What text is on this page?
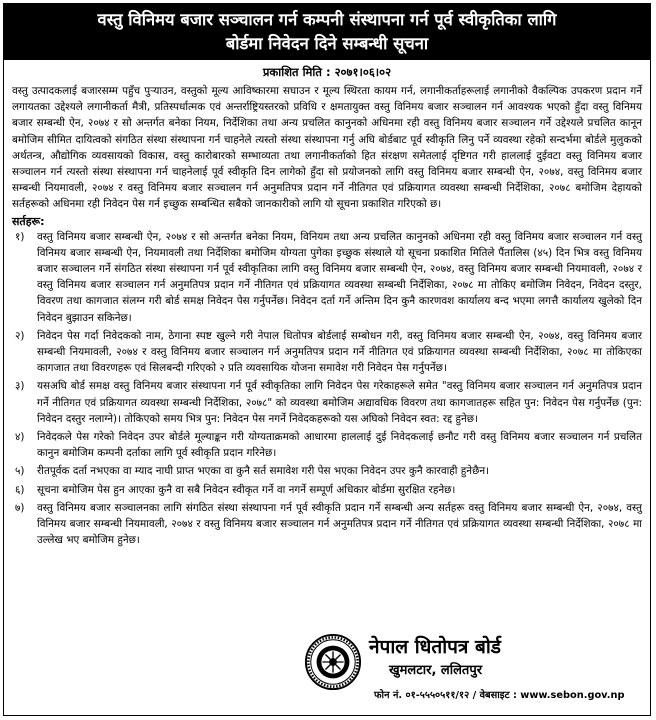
वस्तु विनिमय बजार सञ्चालन गर्न कम्पनी संस्थापना गर्न पूर्व स्वीकृतिका लागि
बोर्डमा निवेदन दिने सम्बन्धी सूचना
प्रकाशित मिति : २०७१।०६।०२

वस्तु उत्पादकलाई बजारसम्म पहुँच पुऱ्याउन, वस्तुको मूल्य आविष्कारमा सघाउन र मूल्य स्थिरता कायम गर्न, लगानीकर्ताहरूलाई लगानीको वैकल्पिक उपकरण प्रदान गर्ने लगायतका उद्देश्यले लगानीकर्ता मैत्री, प्रतिस्पर्धात्मक एवं अन्तर्राष्ट्रियस्तरको प्रविधि र क्षमतायुक्त वस्तु विनिमय बजार सञ्चालन गर्न आवश्यक भएको हुँदा वस्तु विनिमय बजार सम्बन्धी ऐन, २०७४ र सो अन्तर्गत बनेका नियम, निर्देशिका तथा अन्य प्रचलित कानुनको अधिनमा रही वस्तु विनिमय बजार सञ्चालन गर्ने उद्देश्यले प्रचलित कानून बमोजिम सीमित दायित्वको संगठित संस्था संस्थापना गर्न चाहनेले त्यस्तो संस्था संस्थापना गर्नु अघि बोर्डबाट पूर्व स्वीकृति लिनु पर्ने व्यवस्था रहेको सन्दर्भमा बोर्डले मुलुकको अर्थतन्त्र, औद्योगिक व्यवसायको विकास, वस्तु कारोबारको सम्भाव्यता तथा लगानीकर्ताको हित संरक्षण समेतलाई दृष्टिगत गरी हाललाई दुईवटा वस्तु विनिमय बजार सञ्चालन गर्न त्यस्तो संस्था संस्थापना गर्न चाहनेलाई पूर्व स्वीकृति दिन लागेको हुँदा सो प्रयोजनको लागि वस्तु विनिमय बजार सम्बन्धी ऐन, २०७४, वस्तु विनिमय बजार सम्बन्धी नियमावली, २०७४ र वस्तु विनिमय बजार सञ्चालन गर्न अनुमतिपत्र प्रदान गर्ने नीतिगत एवं प्रक्रियागत व्यवस्था सम्बन्धी निर्देशिका, २०७८ बमोजिम देहायको सर्तहरूको अधिनमा रही निवेदन पेस गर्न इच्छुक सम्बन्धित सबैको जानकारीको लागि यो सूचना प्रकाशित गरिएको छ।

सर्तहरू:
१) वस्तु विनिमय बजार सम्बन्धी ऐन, २०७४ र सो अन्तर्गत बनेका नियम, विनियम तथा अन्य प्रचलित कानुनको अधिनमा रही वस्तु विनिमय बजार सञ्चालन गर्न वस्तु विनिमय बजार सम्बन्धी ऐन, नियमावली तथा निर्देशिका बमोजिम योग्यता पुगेका इच्छुक संस्थाले यो सूचना प्रकाशित मितिले पैंतालिस (४५) दिन भित्र वस्तु विनिमय बजार सञ्चालन गर्ने संगठित संस्था संस्थापना गर्न पूर्व स्वीकृतिका लागि वस्तु विनिमय बजार सम्बन्धी ऐन, २०७४, वस्तु विनिमय बजार सम्बन्धी नियमावली, २०७४ र वस्तु विनिमय बजार सञ्चालन गर्न अनुमतिपत्र प्रदान गर्ने नीतिगत एवं प्रक्रियागत व्यवस्था सम्बन्धी निर्देशिका, २०७८ मा तोकिए बमोजिम निवेदन, निवेदन दस्तुर, विवरण तथा कागजात संलग्न गरी बोर्ड समक्ष निवेदन पेस गर्नुपर्नेछ। निवेदन दर्ता गर्ने अन्तिम दिन कुनै कारणवश कार्यालय बन्द भएमा लगत्तै कार्यालय खुलेको दिन निवेदन बुझाउन सकिनेछ।
२) निवेदन पेस गर्दा निवेदकको नाम, ठेगाना स्पष्ट खुल्ने गरी नेपाल धितोपत्र बोर्डलाई सम्बोधन गरी, वस्तु विनिमय बजार सम्बन्धी ऐन, २०७४, वस्तु विनिमय बजार सम्बन्धी नियमावली, २०७४ र वस्तु विनिमय बजार सञ्चालन गर्न अनुमतिपत्र प्रदान गर्ने नीतिगत एवं प्रक्रियागत व्यवस्था सम्बन्धी निर्देशिका, २०७८ मा तोकिएका कागजात तथा विवरणहरू एवं सिलबन्दी गरिएको २ प्रति व्यवसायिक योजना समावेश गरी निवेदन पेस गर्नुपर्नेछ।
३) यसअघि बोर्ड समक्ष वस्तु विनिमय बजार संस्थापना गर्न पूर्व स्वीकृतिका लागि निवेदन पेस गरेकाहरूले समेत "वस्तु विनिमय बजार सञ्चालन गर्न अनुमतिपत्र प्रदान गर्ने नीतिगत एवं प्रक्रियागत व्यवस्था सम्बन्धी निर्देशिका, २०७८" को व्यवस्था बमोजिम अद्यावधिक विवरण तथा कागजातहरू सहित पुन: निवेदन पेस गर्नुपर्नेछ (पुन: निवेदन दस्तुर नलाग्ने)। तोकिएको समय भित्र पुन: निवेदन पेस नगर्ने निवेदकहरूको यस अघिको निवेदन स्वत: रद्द हुनेछ।
४) निवेदकले पेस गरेको निवेदन उपर बोर्डले मूल्याङ्कन गरी योग्यताक्रमको आधारमा हाललाई दुई निवेदकलाई छनौट गरी वस्तु विनिमय बजार सञ्चालन गर्न प्रचलित कानुन बमोजिम कम्पनी दर्ताका लागि पूर्व स्वीकृति प्रदान गरिनेछ।
५) रीतपूर्वक दर्ता नभएका वा म्याद नाघी प्राप्त भएका वा कुनै सर्त समावेश गरी पेस भएका निवेदन उपर कुनै कारवाही हुनेछैन।
६) सूचना बमोजिम पेस हुन आएका कुनै वा सबै निवेदन स्वीकृत गर्ने वा नगर्ने सम्पूर्ण अधिकार बोर्डमा सुरक्षित रहनेछ।
७) वस्तु विनिमय बजार सञ्चालनका लागि संगठित संस्था संस्थापना गर्न पूर्व स्वीकृति प्रदान गर्ने सम्बन्धी अन्य सर्तहरू वस्तु विनिमय बजार सम्बन्धी ऐन, २०७४, वस्तु विनिमय बजार सम्बन्धी नियमावली, २०७४ र वस्तु विनिमय बजार सञ्चालन गर्न अनुमतिपत्र प्रदान गर्ने नीतिगत एवं प्रक्रियागत व्यवस्था सम्बन्धी निर्देशिका, २०७८ मा उल्लेख भए बमोजिम हुनेछ।
नेपाल धितोपत्र बोर्ड
खुमलटार, ललितपुर
फोन नं. ०१-५५५०५११/१२ / वेबसाइट : www.sebon.gov.np
